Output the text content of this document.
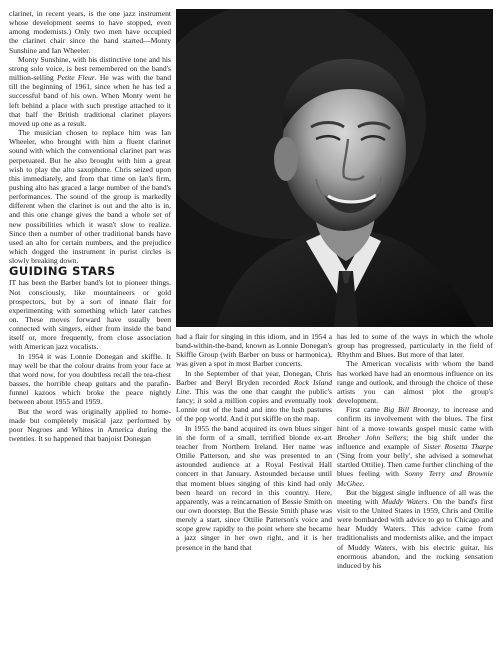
clarinet, in recent years, is the one jazz instrument whose development seems to have stopped, even among modernists.) Only two men have occupied the clarinet chair since the band started—Monty Sunshine and Ian Wheeler.

Monty Sunshine, with his distinctive tone and his strong solo voice, is best remembered on the band's million-selling Petite Fleur. He was with the band till the beginning of 1961, since when he has led a successful band of his own. When Monty went he left behind a place with such prestige attached to it that half the British traditional clarinet players moved up one as a result.

The musician chosen to replace him was Ian Wheeler, who brought with him a fluent clarinet sound with which the conventional clarinet part was perpetuated. But he also brought with him a great wish to play the alto saxophone. Chris seized upon this immediately, and from that time on Ian's firm, pushing alto has graced a large number of the band's performances. The sound of the group is markedly different when the clarinet is out and the alto is in, and this one change gives the band a whole set of new possibilities which it wasn't slow to realize. Since then a number of other traditional bands have used an alto for certain numbers, and the prejudice which dogged the instrument in purist circles is slowly breaking down.

GUIDING STARS

IT has been the Barber band's lot to pioneer things. Not consciously, like mountaineers or gold prospectors, but by a sort of innate flair for experimenting with something which later catches on. These moves forward have usually been connected with singers, either from inside the band itself or, more frequently, from close association with American jazz vocalists.

In 1954 it was Lonnie Donegan and skiffle. It may well be that the colour drains from your face at that word now, for you doubtless recall the tea-chest basses, the horrible cheap guitars and the parafin-funnel kazoos which broke the peace nightly between about 1955 and 1959.

But the word was originally applied to home-made but completely musical jazz performed by poor Negroes and Whites in America during the twenties. It so happened that banjoist Donegan

had a flair for singing in this idiom, and in 1954 a band-within-the-band, known as Lonnie Donegan's Skiffle Group (with Barber on buss or harmonica), was given a spot in most Barber concerts.

In the September of that year, Donegan, Chris Barber and Beryl Bryden recorded Rock Island Line. This was the one that caught the public's fancy; it sold a million copies and eventually took Lonnie out of the band and into the lush pastures of the pop world. And it put skiffle on the map.

In 1955 the band acquired its own blues singer in the form of a small, terrified blonde ex-art teacher from Northern Ireland. Her name was Ottilie Patterson, and she was presented to an astounded audience at a Royal Festival Hall concert in that January. Astounded because until that moment blues singing of this kind had only been heard on record in this country. Here, apparently, was a reincarnation of Bessie Smith on our own doorstep. But the Bessie Smith phase was merely a start, since Ottilie Patterson's voice and scope grew rapidly to the point where she became a jazz singer in her own right, and it is her presence in the band that

has led to some of the ways in which the whole group has progressed, particularly in the field of Rhythm and Blues. But more of that later.

The American vocalists with whom the band has worked have had an enormous influence on its range and outlook, and through the choice of these artists you can almost plot the group's development.

First came Big Bill Broonzy, to increase and confirm its involvement with the blues. The first hint of a move towards gospel music came with Brother John Sellers; the big shift under the influence and example of Sister Rosetta Tharpe ('Sing from your belly', she advised a somewhat startled Ottilie). Then came further clinching of the blues feeling with Sonny Terry and Brownie McGhee.

But the biggest single influence of all was the meeting with Muddy Waters. On the band's first visit to the United States in 1959, Chris and Ottilie were bombarded with advice to go to Chicago and hear Muddy Waters. This advice came from traditionalists and modernists alike, and the impact of Muddy Waters, with his electric guitar, his enormous abandon, and the rocking sensation induced by his
